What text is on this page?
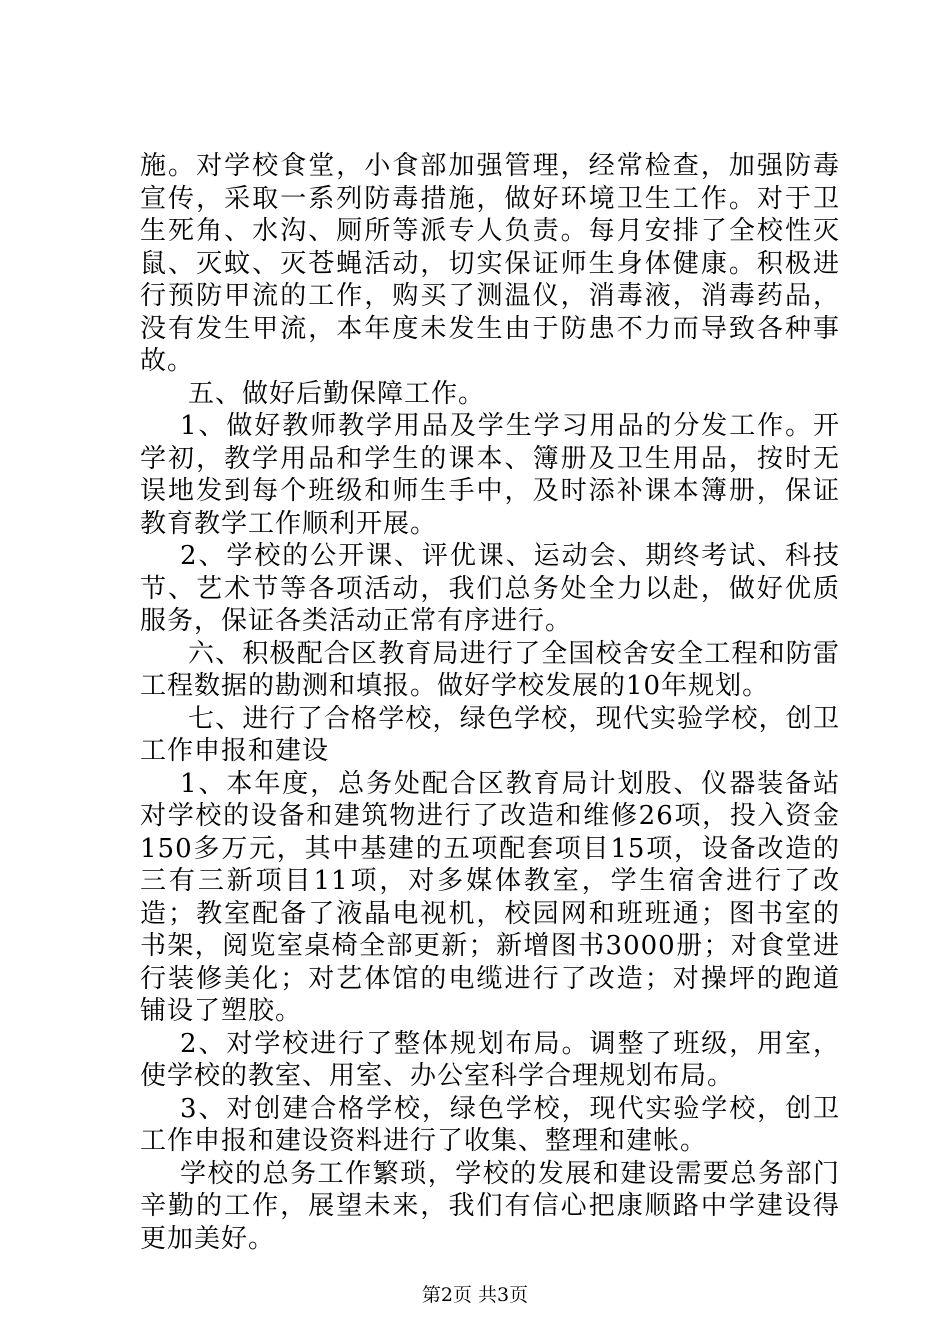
施。对学校食堂，小食部加强管理，经常检查，加强防毒宣传，采取一系列防毒措施，做好环境卫生工作。对于卫生死角、水沟、厕所等派专人负责。每月安排了全校性灭鼠、灭蚊、灭苍蝇活动，切实保证师生身体健康。积极进行预防甲流的工作，购买了测温仪，消毒液，消毒药品，没有发生甲流，本年度未发生由于防患不力而导致各种事故。

五、做好后勤保障工作。

1、做好教师教学用品及学生学习用品的分发工作。开学初，教学用品和学生的课本、簿册及卫生用品，按时无误地发到每个班级和师生手中，及时添补课本簿册，保证教育教学工作顺利开展。

2、学校的公开课、评优课、运动会、期终考试、科技节、艺术节等各项活动，我们总务处全力以赴，做好优质服务，保证各类活动正常有序进行。

六、积极配合区教育局进行了全国校舍安全工程和防雷工程数据的勘测和填报。做好学校发展的10年规划。

七、进行了合格学校，绿色学校，现代实验学校，创卫工作申报和建设

1、本年度，总务处配合区教育局计划股、仪器装备站对学校的设备和建筑物进行了改造和维修26项，投入资金150多万元，其中基建的五项配套项目15项，设备改造的三有三新项目11项，对多媒体教室，学生宿舍进行了改造；教室配备了液晶电视机，校园网和班班通；图书室的书架，阅览室桌椅全部更新；新增图书3000册；对食堂进行装修美化；对艺体馆的电缆进行了改造；对操坪的跑道铺设了塑胶。

2、对学校进行了整体规划布局。调整了班级，用室，使学校的教室、用室、办公室科学合理规划布局。

3、对创建合格学校，绿色学校，现代实验学校，创卫工作申报和建设资料进行了收集、整理和建帐。

学校的总务工作繁琐，学校的发展和建设需要总务部门辛勤的工作，展望未来，我们有信心把康顺路中学建设得更加美好。

第2页 共3页
